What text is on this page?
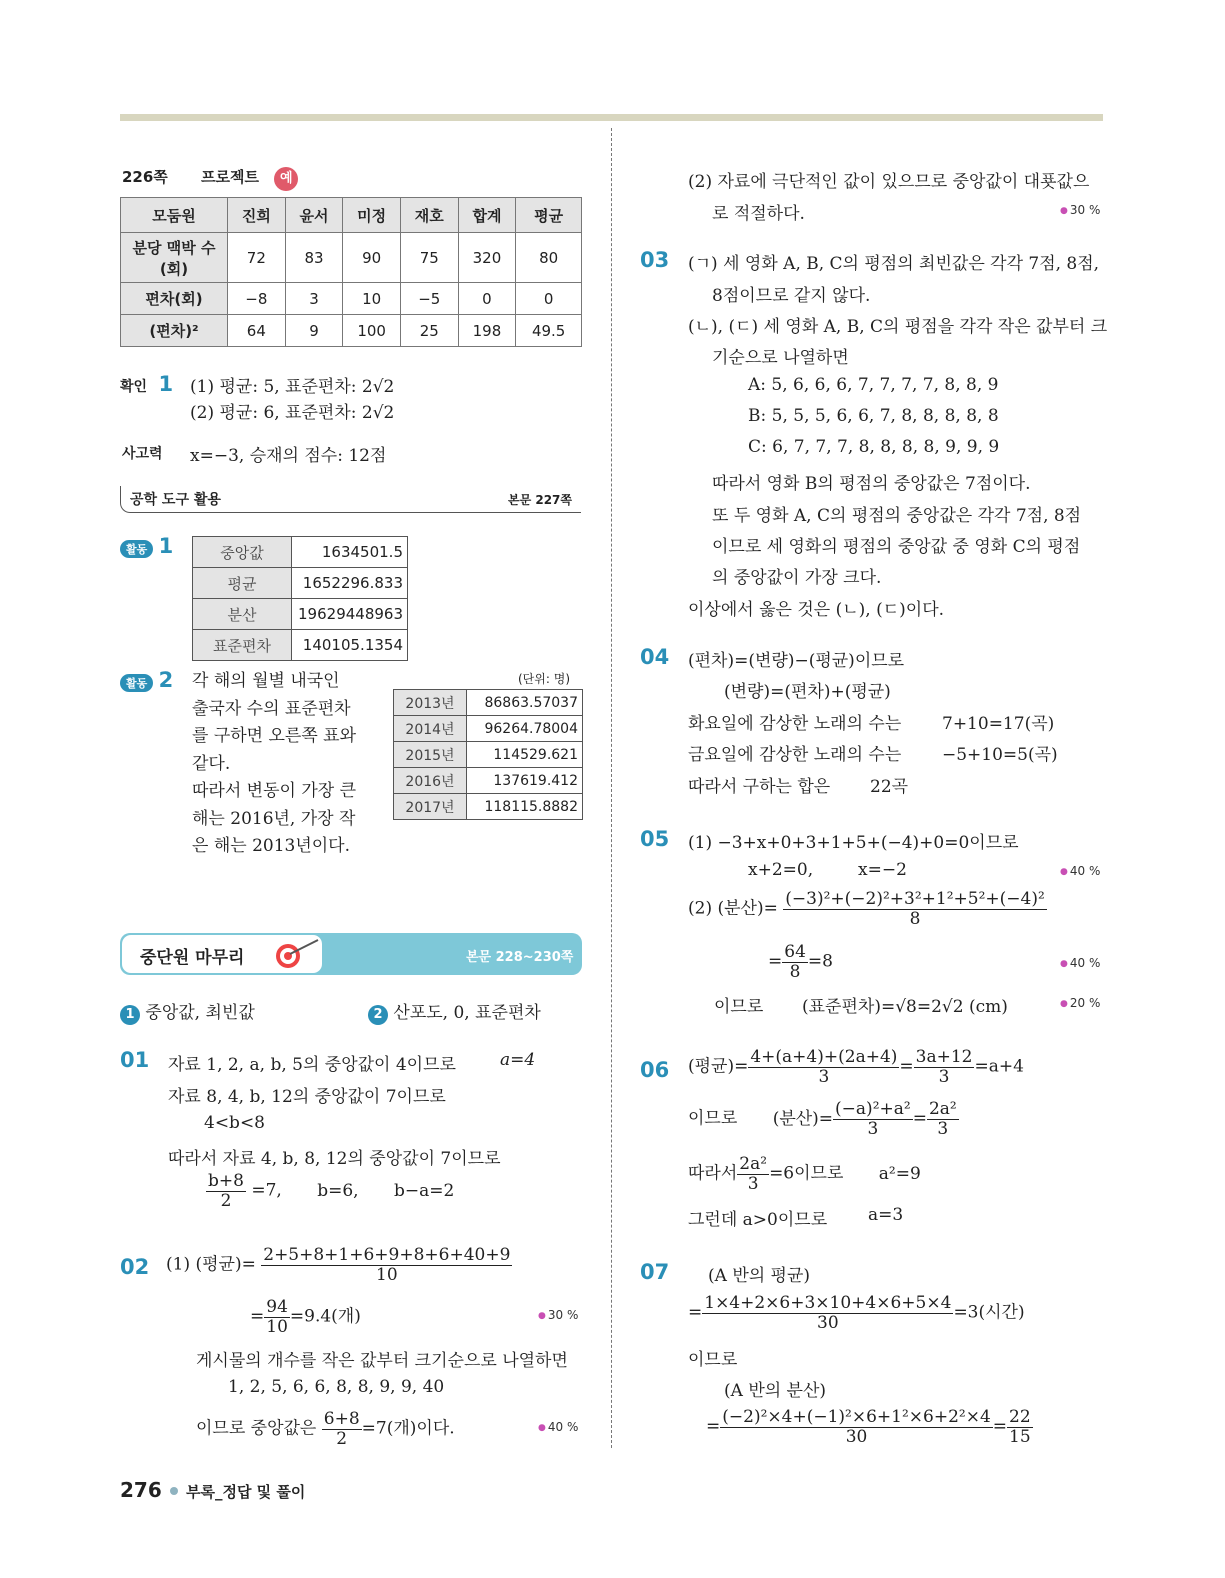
226쪽 프로젝트 예
모둠원	진희	윤서	미정	재호	합계	평균
분당 맥박 수(회)	72	83	90	75	320	80
편차(회)	−8	3	10	−5	0	0
(편차)²	64	9	100	25	198	49.5
확인 1 (1) 평균: 5, 표준편차: 2√2
(2) 평균: 6, 표준편차: 2√2
사고력 x=−3, 승재의 점수: 12점
공학 도구 활용	본문 227쪽
활동 1	중앙값	1634501.5
평균	1652296.833
분산	19629448963
표준편차	140105.1354
활동 2 각 해의 월별 내국인
출국자 수의 표준편차
를 구하면 오른쪽 표와
같다.
따라서 변동이 가장 큰
해는 2016년, 가장 작
은 해는 2013년이다.
(단위: 명)
2013년	86863.57037
2014년	96264.78004
2015년	114529.621
2016년	137619.412
2017년	118115.8882
중단원 마무리	본문 228~230쪽
1 중앙값, 최빈값	2 산포도, 0, 표준편차
01 자료 1, 2, a, b, 5의 중앙값이 4이므로	a=4
자료 8, 4, b, 12의 중앙값이 7이므로
4<b<8
따라서 자료 4, b, 8, 12의 중앙값이 7이므로
$\frac{b+8}{2} =7$, b=6, b−a=2
02 (1) (평균)= $\frac{2+5+8+1+6+9+8+6+40+9}{10}$
= $\frac{94}{10} =9.4$(개)	● 30 %
게시물의 개수를 작은 값부터 크기순으로 나열하면
1, 2, 5, 6, 6, 8, 8, 9, 9, 40
이므로 중앙값은 $\frac{6+8}{2} =7$(개)이다.	● 40 %
(2) 자료에 극단적인 값이 있으므로 중앙값이 대푯값으
로 적절하다.	● 30 %
03 (ㄱ) 세 영화 A, B, C의 평점의 최빈값은 각각 7점, 8점,
8점이므로 같지 않다.
(ㄴ), (ㄷ) 세 영화 A, B, C의 평점을 각각 작은 값부터 크
기순으로 나열하면
A: 5, 6, 6, 6, 7, 7, 7, 7, 8, 8, 9
B: 5, 5, 5, 6, 6, 7, 8, 8, 8, 8, 8
C: 6, 7, 7, 7, 8, 8, 8, 8, 9, 9, 9
따라서 영화 B의 평점의 중앙값은 7점이다.
또 두 영화 A, C의 평점의 중앙값은 각각 7점, 8점
이므로 세 영화의 평점의 중앙값 중 영화 C의 평점
의 중앙값이 가장 크다.
이상에서 옳은 것은 (ㄴ), (ㄷ)이다.
04 (편차)=(변량)−(평균)이므로
(변량)=(편차)+(평균)
화요일에 감상한 노래의 수는 7+10=17(곡)
금요일에 감상한 노래의 수는 −5+10=5(곡)
따라서 구하는 합은 22곡
05 (1) −3+x+0+3+1+5+(−4)+0=0이므로
x+2=0,	x=−2	● 40 %
(2) (분산)= $\frac{\text{(−3)²+(−2)²+3²+1²+5²+(−4)²}}{8}$
= $\frac{64}{8} =8$	● 40 %
이므로 (표준편차)=√8=2√2 (cm)	● 20 %
06 (평균)= $\frac{4+(a+4)+(2a+4)}{3} = \frac{3a+12}{3} =a+4$
이므로 (분산)= $\frac{\text{(−a)²+a²}}{3} = \frac{\text{2a²}}{3}$
따라서 $\frac{\text{2a²}}{3} =6$이므로 a²=9
그런데 a>0이므로 a=3
07 (A 반의 평균)
= $\frac{1\times 4+2\times 6+3\times 10+4\times 6+5\times 4}{30} =3$(시간)
이므로
(A 반의 분산)
= $\frac{\text{(−2)²×4+(−1)²×6+1²×6+2²×4}}{30} = \frac{22}{15}$
276 부록_정답 및 풀이
